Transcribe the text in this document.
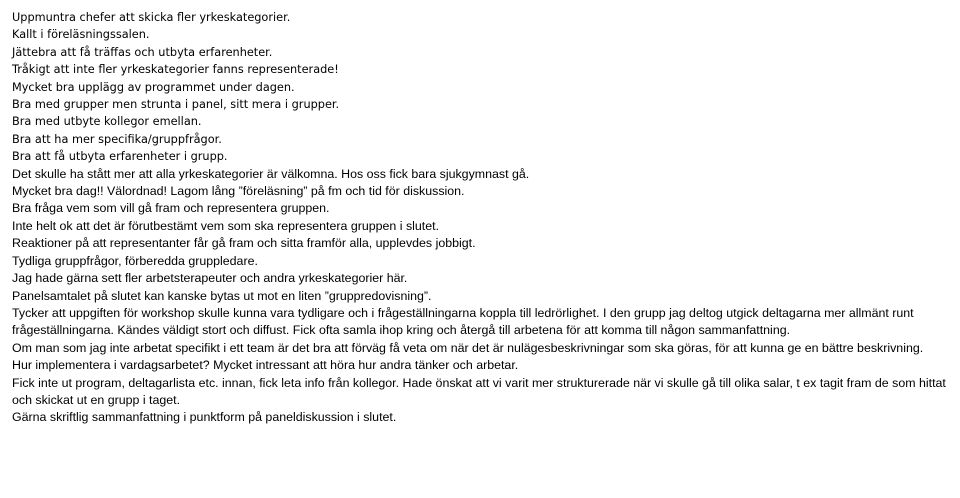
Uppmuntra chefer att skicka fler yrkeskategorier.

Kallt i föreläsningssalen.

Jättebra att få träffas och utbyta erfarenheter.

Tråkigt att inte fler yrkeskategorier fanns representerade!

Mycket bra upplägg av programmet under dagen.

Bra med grupper men strunta i panel, sitt mera i grupper.

Bra med utbyte kollegor emellan.

Bra att ha mer specifika/gruppfrågor.

Bra att få utbyta erfarenheter i grupp.

Det skulle ha stått mer att alla yrkeskategorier är välkomna. Hos oss fick bara sjukgymnast gå.

Mycket bra dag!! Välordnad! Lagom lång ”föreläsning” på fm och tid för diskussion.

Bra fråga vem som vill gå fram och representera gruppen.

Inte helt ok att det är förutbestämt vem som ska representera gruppen i slutet.

Reaktioner på att representanter får gå fram och sitta framför alla, upplevdes jobbigt.

Tydliga gruppfrågor, förberedda gruppledare.

Jag hade gärna sett fler arbetsterapeuter och andra yrkeskategorier här.

Panelsamtalet på slutet kan kanske bytas ut mot en liten ”gruppredovisning”.

Tycker att uppgiften för workshop skulle kunna vara tydligare och i frågeställningarna koppla till ledrörlighet. I den grupp jag deltog utgick deltagarna mer allmänt runt frågeställningarna. Kändes väldigt stort och diffust. Fick ofta samla ihop kring och återgå till arbetena för att komma till någon sammanfattning.

Om man som jag inte arbetat specifikt i ett team är det bra att förväg få veta om när det är nulägesbeskrivningar som ska göras, för att kunna ge en bättre beskrivning.

Hur implementera i vardagsarbetet? Mycket intressant att höra hur andra tänker och arbetar.

Fick inte ut program, deltagarlista etc. innan, fick leta info från kollegor. Hade önskat att vi varit mer strukturerade när vi skulle gå till olika salar, t ex tagit fram de som hittat och skickat ut en grupp i taget.

Gärna skriftlig sammanfattning i punktform på paneldiskussion i slutet.
